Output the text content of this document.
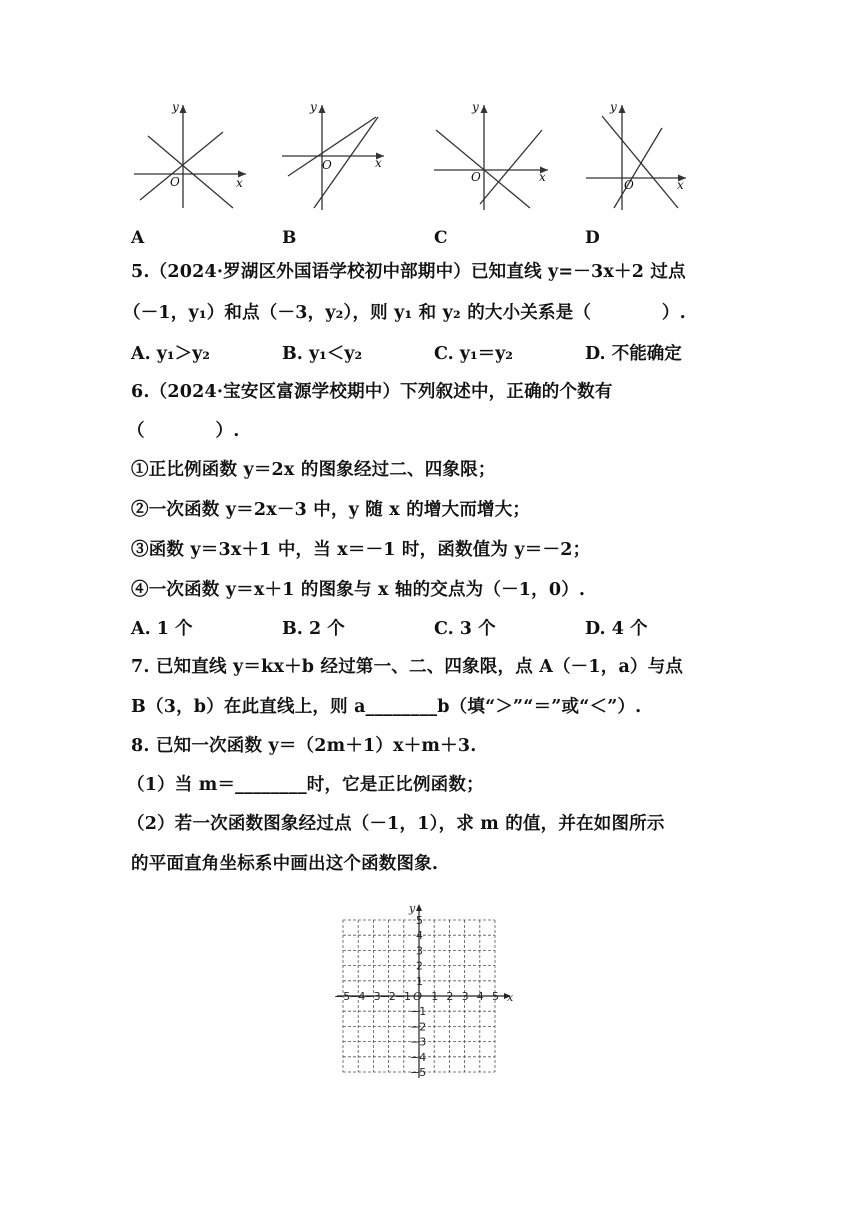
y
x
O
y
x
O
y
x
O
y
x
O
A	B	C	D
5.（2024·罗湖区外国语学校初中部期中）已知直线 y=－3x＋2 过点
（－1，y₁）和点（－3，y₂），则 y₁ 和 y₂ 的大小关系是（　　　　）.
A. y₁＞y₂	B. y₁＜y₂	C. y₁＝y₂	D. 不能确定
6.（2024·宝安区富源学校期中）下列叙述中，正确的个数有
（　　　　）.
①正比例函数 y＝2x 的图象经过二、四象限；
②一次函数 y＝2x－3 中，y 随 x 的增大而增大；
③函数 y＝3x＋1 中，当 x＝－1 时，函数值为 y＝－2；
④一次函数 y＝x＋1 的图象与 x 轴的交点为（－1，0）.
A. 1 个	B. 2 个	C. 3 个	D. 4 个
7. 已知直线 y＝kx＋b 经过第一、二、四象限，点 A（－1，a）与点
B（3，b）在此直线上，则 a________b（填“＞”“＝”或“＜”）.
8. 已知一次函数 y＝（2m＋1）x＋m＋3.
（1）当 m＝________时，它是正比例函数；
（2）若一次函数图象经过点（－1，1），求 m 的值，并在如图所示
的平面直角坐标系中画出这个函数图象.
x
y
O
−5
−4
−3
−2
−1 1 2 3 4 5
5
4
3
2
1
−1
−2
−3
−4
−5
